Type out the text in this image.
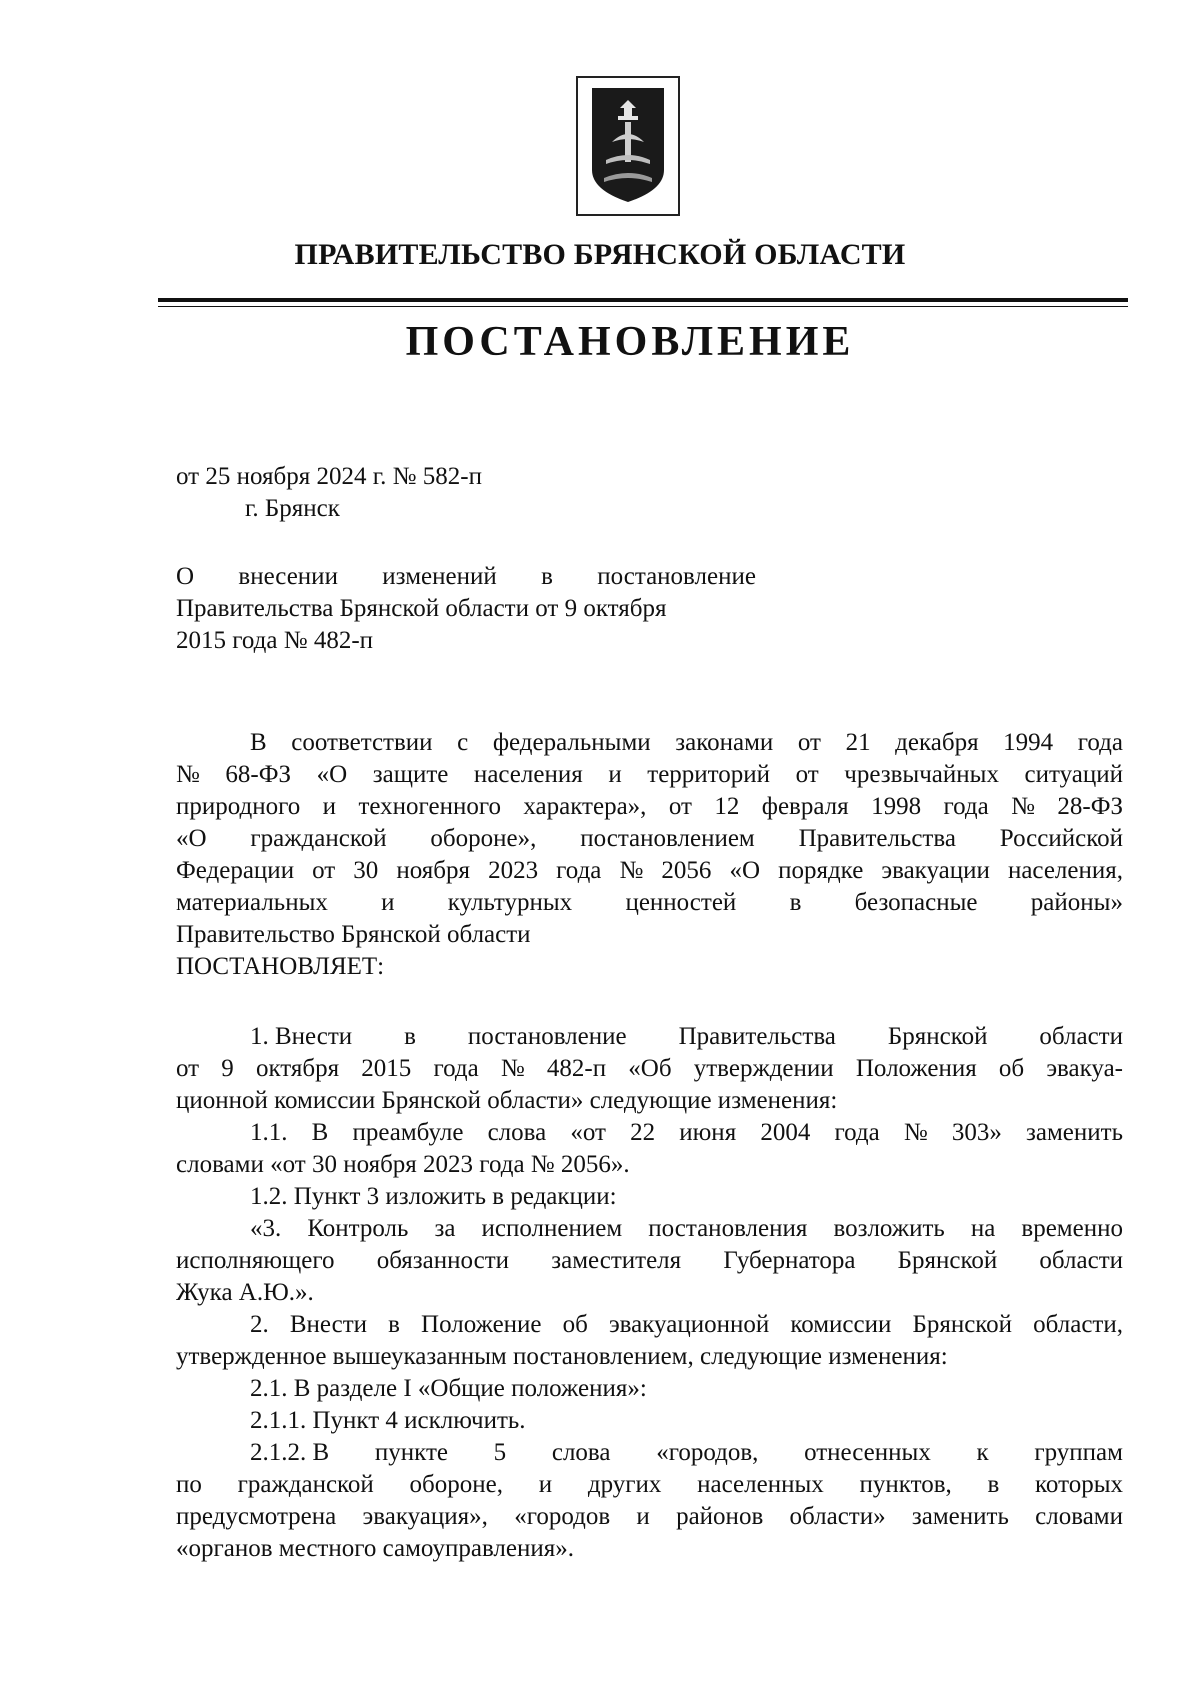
ПРАВИТЕЛЬСТВО БРЯНСКОЙ ОБЛАСТИ
ПОСТАНОВЛЕНИЕ
от 25 ноября 2024 г. № 582-п
г. Брянск
О внесении изменений в постановление
Правительства Брянской области от 9 октября
2015 года № 482-п
В соответствии с федеральными законами от 21 декабря 1994 года
№ 68-ФЗ «О защите населения и территорий от чрезвычайных ситуаций
природного и техногенного характера», от 12 февраля 1998 года № 28-ФЗ
«О гражданской обороне», постановлением Правительства Российской
Федерации от 30 ноября 2023 года № 2056 «О порядке эвакуации населения,
материальных и культурных ценностей в безопасные районы»
Правительство Брянской области
ПОСТАНОВЛЯЕТ:
1. Внести в постановление Правительства Брянской области
от 9 октября 2015 года № 482-п «Об утверждении Положения об эвакуа-
ционной комиссии Брянской области» следующие изменения:
1.1. В преамбуле слова «от 22 июня 2004 года № 303» заменить
словами «от 30 ноября 2023 года № 2056».
1.2. Пункт 3 изложить в редакции:
«3. Контроль за исполнением постановления возложить на временно
исполняющего обязанности заместителя Губернатора Брянской области
Жука А.Ю.».
2. Внести в Положение об эвакуационной комиссии Брянской области,
утвержденное вышеуказанным постановлением, следующие изменения:
2.1. В разделе I «Общие положения»:
2.1.1. Пункт 4 исключить.
2.1.2. В пункте 5 слова «городов, отнесенных к группам
по гражданской обороне, и других населенных пунктов, в которых
предусмотрена эвакуация», «городов и районов области» заменить словами
«органов местного самоуправления».
